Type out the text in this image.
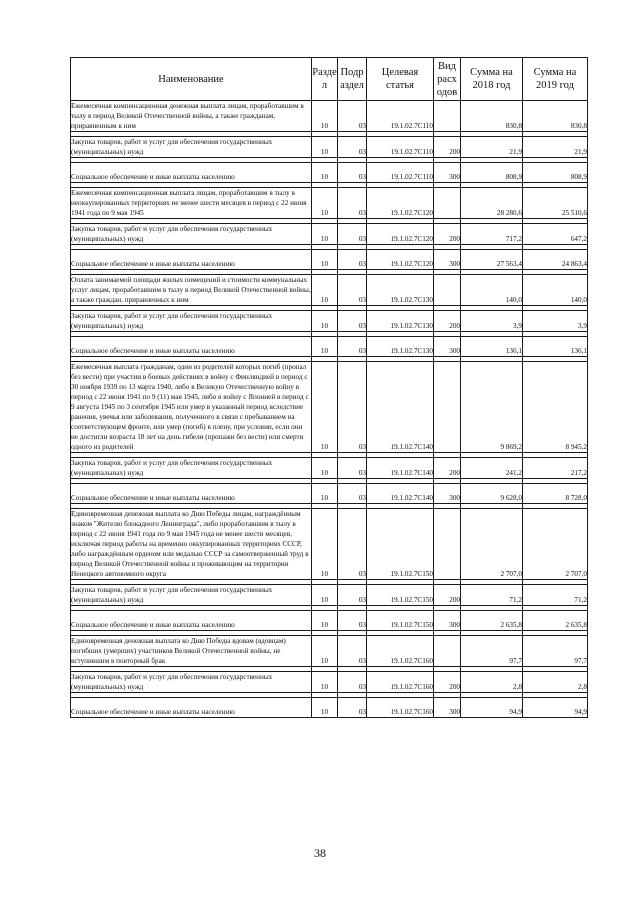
Наименование	Разде л	Подр аздел	Целевая статья	Вид расх одов	Сумма на 2018 год	Сумма на 2019 год
Ежемесячная компенсационная денежная выплата лицам, проработавшим в тылу в период Великой Отечественной войны, а также гражданам, приравненным к ним	10	03	19.1.02.7С110		830,8	830,8

Закупка товаров, работ и услуг для обеспечения государственных (муниципальных) нужд	10	03	19.1.02.7С110	200	21,9	21,9

Социальное обеспечение и иные выплаты населению	10	03	19.1.02.7С110	300	808,9	808,9

Ежемесячная компенсационная выплата лицам, проработавшим в тылу в неоккупированных территориях не менее шести месяцев в период с 22 июня 1941 года по 9 мая 1945	10	03	19.1.02.7С120		28 280,6	25 510,6

Закупка товаров, работ и услуг для обеспечения государственных (муниципальных) нужд	10	03	19.1.02.7С120	200	717,2	647,2

Социальное обеспечение и иные выплаты населению	10	03	19.1.02.7С120	300	27 563,4	24 863,4

Оплата занимаемой площади жилых помещений и стоимости коммунальных услуг лицам, проработавшим в тылу в период Великой Отечественной войны, а также граждан, приравненных к ним	10	03	19.1.02.7С130		140,0	140,0

Закупка товаров, работ и услуг для обеспечения государственных (муниципальных) нужд	10	03	19.1.02.7С130	200	3,9	3,9

Социальное обеспечение и иные выплаты населению	10	03	19.1.02.7С130	300	136,1	136,1

Ежемесячная выплата гражданам, один из родителей которых погиб (пропал без вести) при участии в боевых действиях в войну с Финляндией в период с 30 ноября 1939 по 13 марта 1940, либо в Великую Отечественную войну в период с 22 июня 1941 по 9 (11) мая 1945, либо в войну с Японией в период с 9 августа 1945 по 3 сентября 1945 или умер в указанный период вследствие ранения, увечья или заболевания, полученного в связи с пребыванием на соответствующем фронте, или умер (погиб) в плену, при условии, если они не достигли возраста 18 лет на день гибели (пропажи без вести) или смерти одного из родителей	10	03	19.1.02.7С140		9 869,2	8 945,2

Закупка товаров, работ и услуг для обеспечения государственных (муниципальных) нужд	10	03	19.1.02.7С140	200	241,2	217,2

Социальное обеспечение и иные выплаты населению	10	03	19.1.02.7С140	300	9 628,0	8 728,0

Единовременная денежная выплата ко Дню Победы лицам, награждённым знаком "Жителю блокадного Ленинграда", либо проработавшим в тылу в период с 22 июня 1941 года по 9 мая 1945 года не менее шести месяцев, исключая период работы на временно оккупированных территориях СССР, либо награждённым орденом или медалью СССР за самоотверженный труд в период Великой Отечественной войны и проживающим на территории Ненецкого автономного округа	10	03	19.1.02.7С150		2 707,0	2 707,0

Закупка товаров, работ и услуг для обеспечения государственных (муниципальных) нужд	10	03	19.1.02.7С150	200	71,2	71,2

Социальное обеспечение и иные выплаты населению	10	03	19.1.02.7С150	300	2 635,8	2 635,8

Единовременная денежная выплата ко Дню Победы вдовам (вдовцам) погибших (умерших) участников Великой Отечественной войны, не вступившим в повторный брак	10	03	19.1.02.7С160		97,7	97,7

Закупка товаров, работ и услуг для обеспечения государственных (муниципальных) нужд	10	03	19.1.02.7С160	200	2,8	2,8

Социальное обеспечение и иные выплаты населению	10	03	19.1.02.7С160	300	94,9	94,9
38
